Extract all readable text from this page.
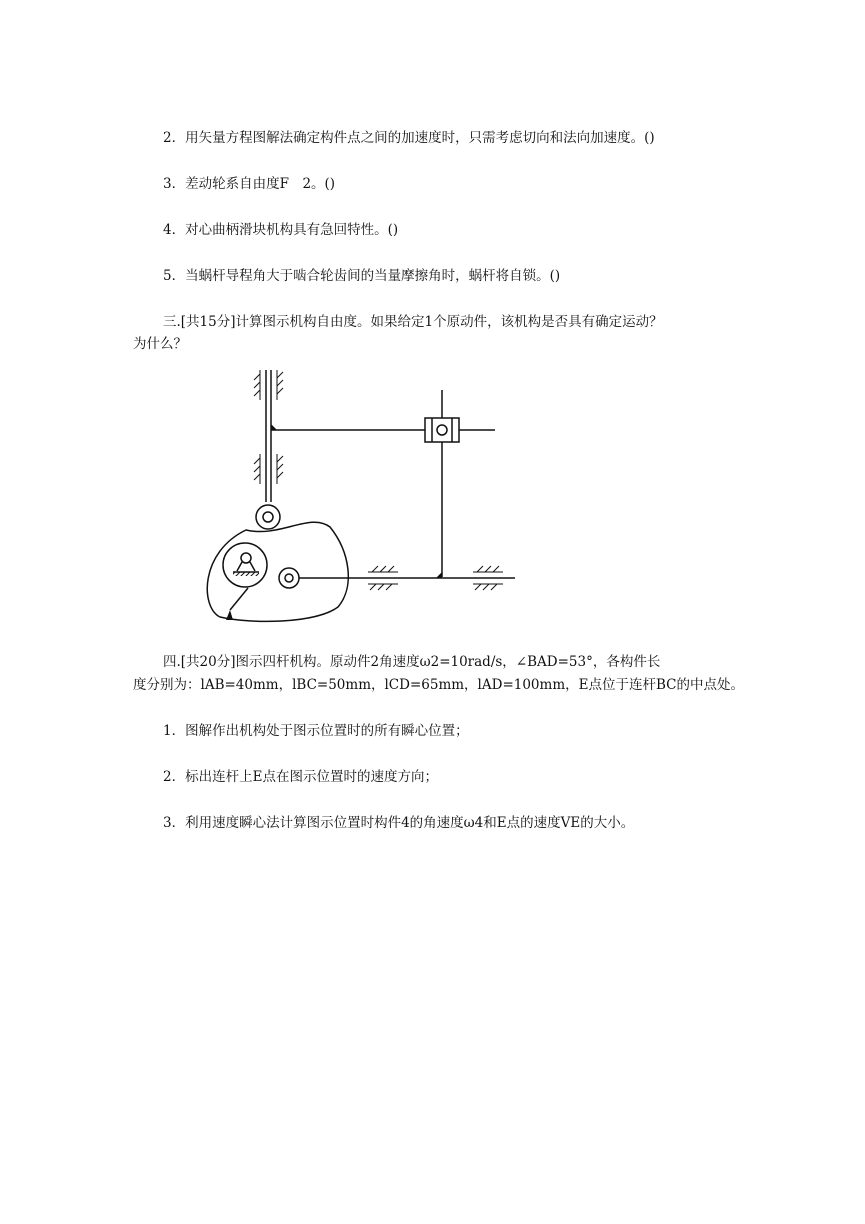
2．用矢量方程图解法确定构件点之间的加速度时，只需考虑切向和法向加速度。()

3．差动轮系自由度F　2。()

4．对心曲柄滑块机构具有急回特性。()

5．当蜗杆导程角大于啮合轮齿间的当量摩擦角时，蜗杆将自锁。()

三.[共15分]计算图示机构自由度。如果给定1个原动件，该机构是否具有确定运动？

为什么？

四.[共20分]图示四杆机构。原动件2角速度ω2=10rad/s，∠BAD=53°，各构件长

度分别为：lAB=40mm，lBC=50mm，lCD=65mm，lAD=100mm，E点位于连杆BC的中点处。

1．图解作出机构处于图示位置时的所有瞬心位置；

2．标出连杆上E点在图示位置时的速度方向；

3．利用速度瞬心法计算图示位置时构件4的角速度ω4和E点的速度VE的大小。
